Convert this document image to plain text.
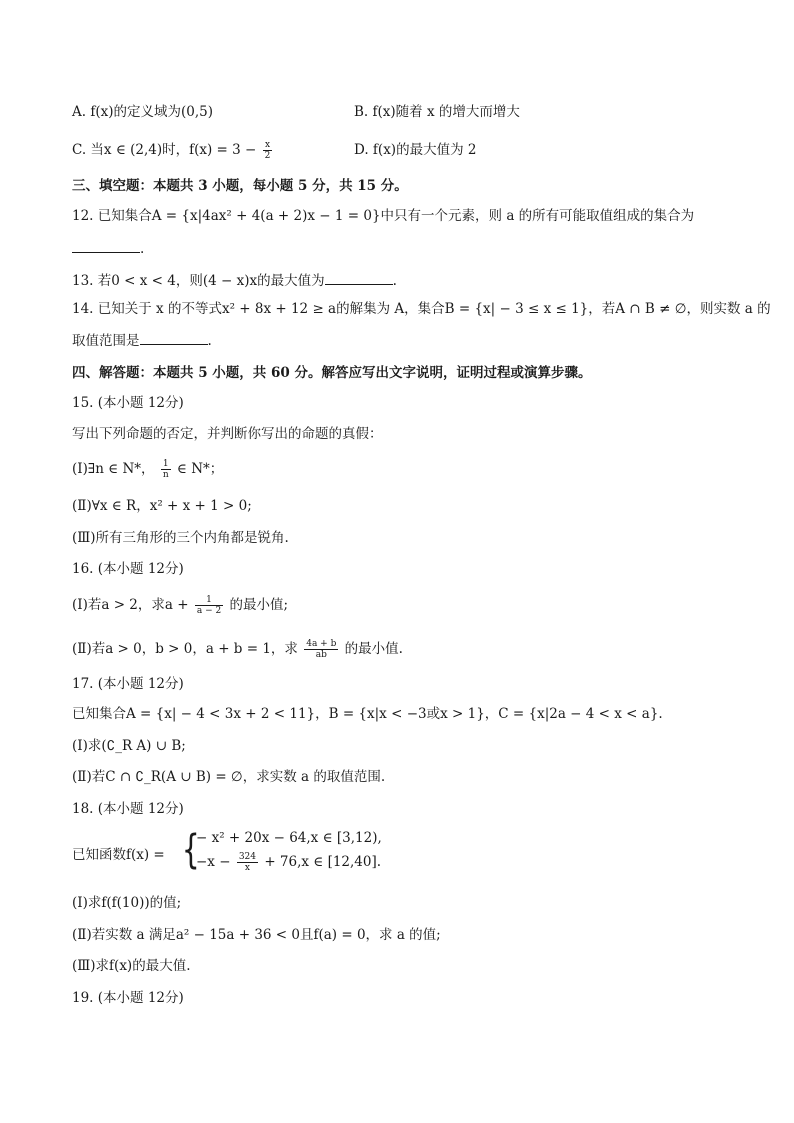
A. f(x)的定义域为(0,5)	B. f(x)随着 x 的增大而增大
C. 当x ∈ (2,4)时，$f(x) = 3 - \frac{x}{2}$	D. f(x)的最大值为 2
三、填空题：本题共 3 小题，每小题 5 分，共 15 分。
12. 已知集合A = {x|4ax² + 4(a + 2)x − 1 = 0}中只有一个元素，则 a 的所有可能取值组成的集合为
.
13. 若0 < x < 4，则(4 − x)x的最大值为	.
14. 已知关于 x 的不等式x² + 8x + 12 ≥ a的解集为 A，集合B = {x| − 3 ≤ x ≤ 1}，若A ∩ B ≠ ∅，则实数 a 的
取值范围是	.
四、解答题：本题共 5 小题，共 60 分。解答应写出文字说明，证明过程或演算步骤。
15. (本小题 12分)
写出下列命题的否定，并判断你写出的命题的真假：
(Ⅰ)∃n ∈ N*， $\frac{1}{n}$ ∈ N*；
(Ⅱ)∀x ∈ R，x² + x + 1 > 0;
(Ⅲ)所有三角形的三个内角都是锐角.
16. (本小题 12分)
(Ⅰ)若a > 2，求$a + \frac{1}{a - 2}$ 的最小值;
(Ⅱ)若a > 0，b > 0，a + b = 1，求 $\frac{4a + b}{ab}$ 的最小值.
17. (本小题 12分)
已知集合A = {x| − 4 < 3x + 2 < 11}，B = {x|x < −3或x > 1}，C = {x|2a − 4 < x < a}.
(Ⅰ)求(∁_R A) ∪ B;
(Ⅱ)若C ∩ ∁_R(A ∪ B) = ∅，求实数 a 的取值范围.
18. (本小题 12分)
已知函数f(x) = {
− x² + 20x − 64,x ∈ [3,12),
$-x - \frac{324}{x} + 76,x$ ∈ [12,40].
(Ⅰ)求f(f(10))的值;
(Ⅱ)若实数 a 满足a² − 15a + 36 < 0且f(a) = 0，求 a 的值;
(Ⅲ)求f(x)的最大值.
19. (本小题 12分)
